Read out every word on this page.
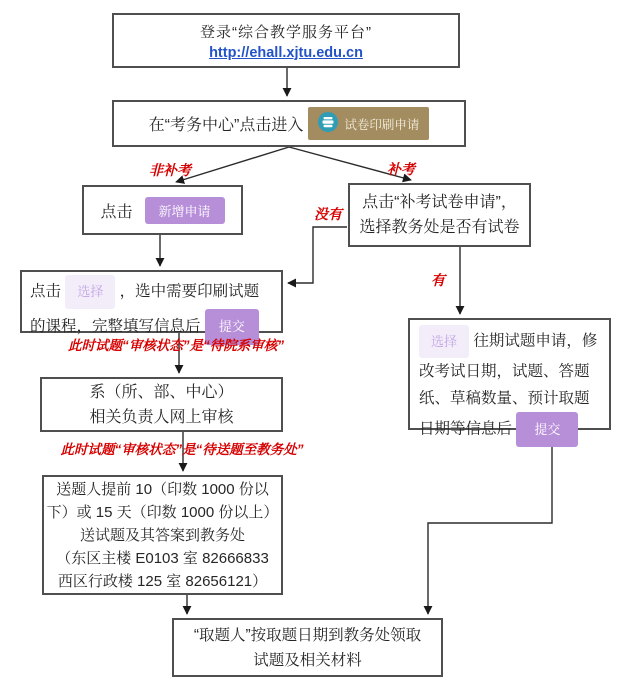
登录“综合教学服务平台”
http://ehall.xjtu.edu.cn
在“考务中心”点击进入	试卷印刷申请
非补考	补考
没有
有
点击	新增申请	点击“补考试卷申请”，
选择教务处是否有试卷
点击 选择 ，选中需要印刷试题的课程，完整填写信息后 提交
此时试题“审核状态”是“待院系审核”
系（所、部、中心）
相关负责人网上审核
此时试题“审核状态”是“待送题至教务处”
送题人提前 10（印数 1000 份以
下）或 15 天（印数 1000 份以上）
送试题及其答案到教务处
（东区主楼 E0103 室 82666833
西区行政楼 125 室 82656121）
选择 往期试题申请，修改考试日期，试题、答题纸、草稿数量、预计取题日期等信息后 提交
“取题人”按取题日期到教务处领取
试题及相关材料
